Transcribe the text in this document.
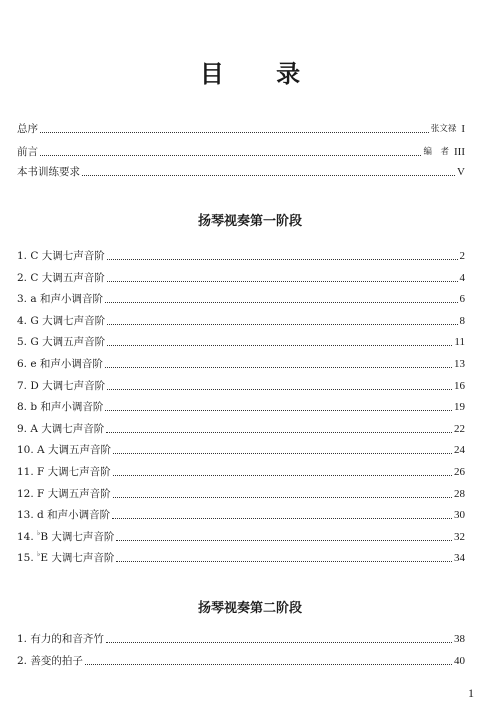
目 录
总序	张文禄 I
前言	编　者 III
本书训练要求	V
扬琴视奏第一阶段
1. C 大调七声音阶	2
2. C 大调五声音阶	4
3. a 和声小调音阶	6
4. G 大调七声音阶	8
5. G 大调五声音阶	11
6. e 和声小调音阶	13
7. D 大调七声音阶	16
8. b 和声小调音阶	19
9. A 大调七声音阶	22
10. A 大调五声音阶	24
11. F 大调七声音阶	26
12. F 大调五声音阶	28
13. d 和声小调音阶	30
14. ♭B 大调七声音阶	32
15. ♭E 大调七声音阶	34
扬琴视奏第二阶段
1. 有力的和音齐竹	38
2. 善变的拍子	40
1
